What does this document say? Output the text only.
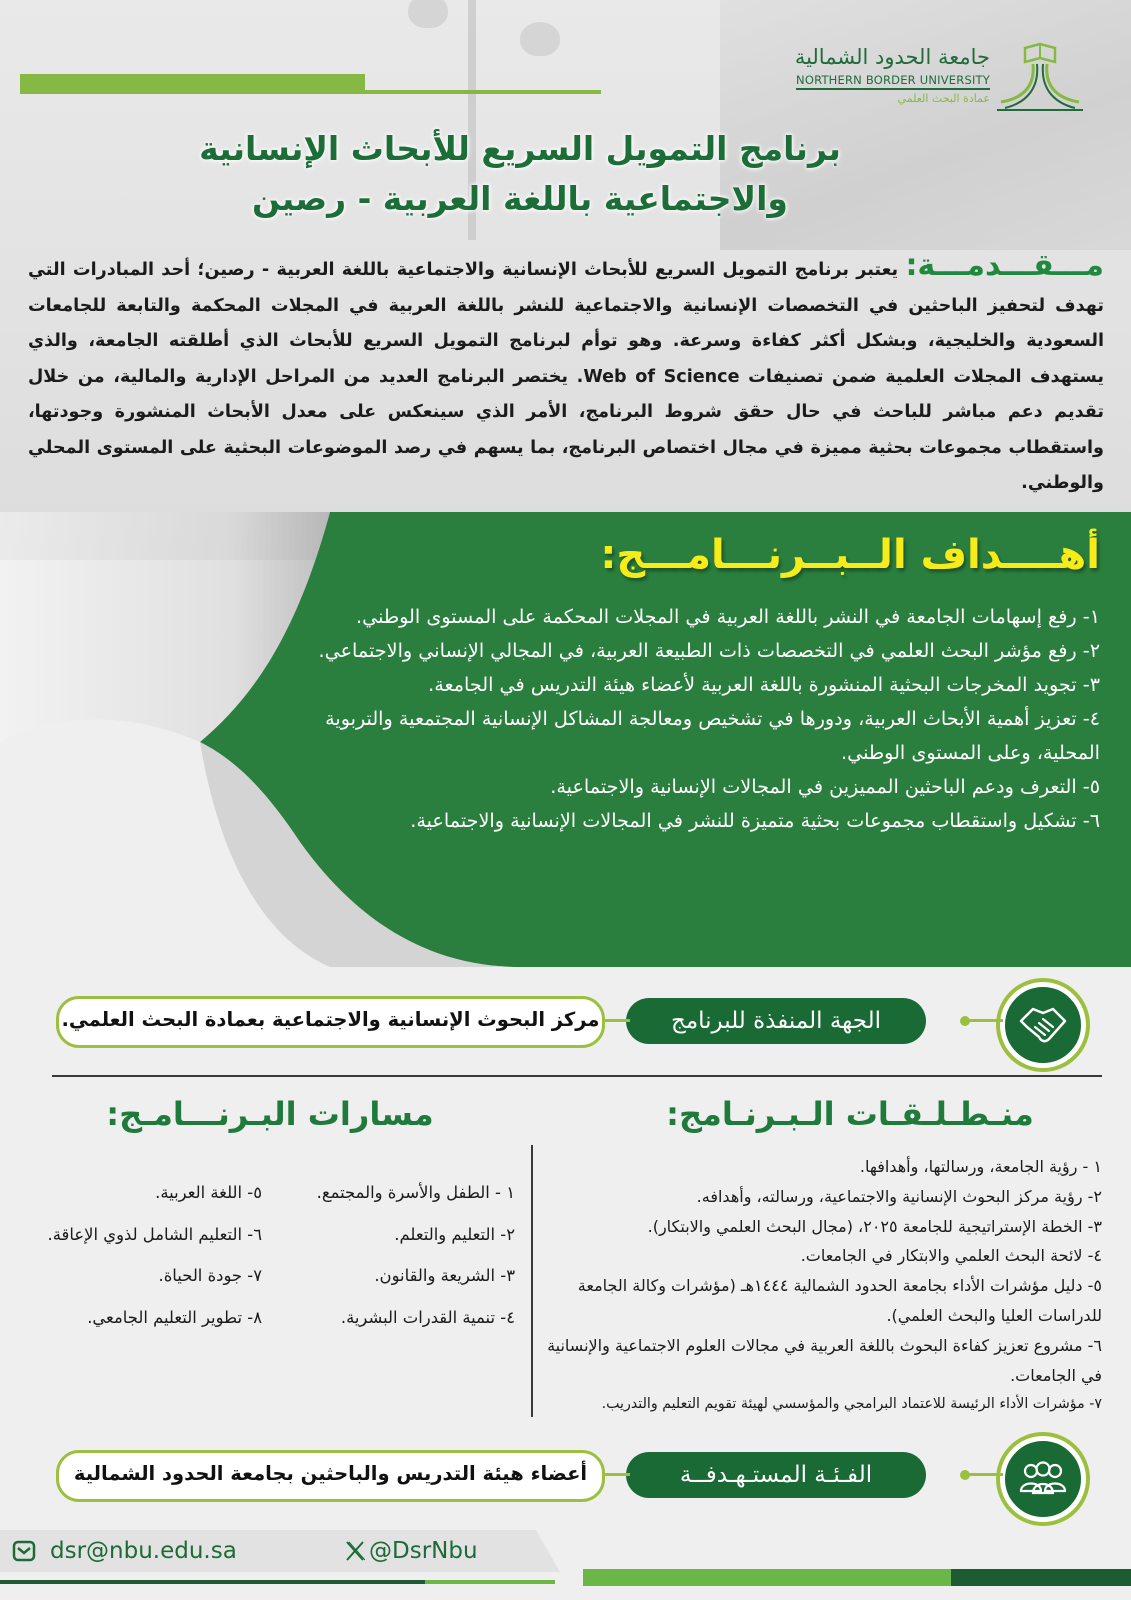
جامعة الحدود الشمالية
NORTHERN BORDER UNIVERSITY
عمادة البحث العلمي
برنامج التمويل السريع للأبحاث الإنسانية
والاجتماعية باللغة العربية - رصين
مـــقـــدمـــة: يعتبر برنامج التمويل السريع للأبحاث الإنسانية والاجتماعية باللغة العربية - رصين؛ أحد المبادرات التي تهدف لتحفيز الباحثين في التخصصات الإنسانية والاجتماعية للنشر باللغة العربية في المجلات المحكمة والتابعة للجامعات السعودية والخليجية، وبشكل أكثر كفاءة وسرعة. وهو توأم لبرنامج التمويل السريع للأبحاث الذي أطلقته الجامعة، والذي يستهدف المجلات العلمية ضمن تصنيفات Web of Science. يختصر البرنامج العديد من المراحل الإدارية والمالية، من خلال تقديم دعم مباشر للباحث في حال حقق شروط البرنامج، الأمر الذي سينعكس على معدل الأبحاث المنشورة وجودتها، واستقطاب مجموعات بحثية مميزة في مجال اختصاص البرنامج، بما يسهم في رصد الموضوعات البحثية على المستوى المحلي والوطني.
أهــــداف الــبــرنـــامـــج:
١- رفع إسهامات الجامعة في النشر باللغة العربية في المجلات المحكمة على المستوى الوطني.
٢- رفع مؤشر البحث العلمي في التخصصات ذات الطبيعة العربية، في المجالي الإنساني والاجتماعي.
٣- تجويد المخرجات البحثية المنشورة باللغة العربية لأعضاء هيئة التدريس في الجامعة.
٤- تعزيز أهمية الأبحاث العربية، ودورها في تشخيص ومعالجة المشاكل الإنسانية المجتمعية والتربوية المحلية، وعلى المستوى الوطني.
٥- التعرف ودعم الباحثين المميزين في المجالات الإنسانية والاجتماعية.
٦- تشكيل واستقطاب مجموعات بحثية متميزة للنشر في المجالات الإنسانية والاجتماعية.
الجهة المنفذة للبرنامج
مركز البحوث الإنسانية والاجتماعية بعمادة البحث العلمي.
منـطـلـقـات الـبـرنـامج:
١ - رؤية الجامعة، ورسالتها، وأهدافها.
٢- رؤية مركز البحوث الإنسانية والاجتماعية، ورسالته، وأهدافه.
٣- الخطة الإستراتيجية للجامعة ٢٠٢٥، (مجال البحث العلمي والابتكار).
٤- لائحة البحث العلمي والابتكار في الجامعات.
٥- دليل مؤشرات الأداء بجامعة الحدود الشمالية ١٤٤٤هـ (مؤشرات وكالة الجامعة للدراسات العليا والبحث العلمي).
٦- مشروع تعزيز كفاءة البحوث باللغة العربية في مجالات العلوم الاجتماعية والإنسانية في الجامعات.
٧- مؤشرات الأداء الرئيسة للاعتماد البرامجي والمؤسسي لهيئة تقويم التعليم والتدريب.
مسارات البـرنـــامـج:
١ - الطفل والأسرة والمجتمع.
٢- التعليم والتعلم.
٣- الشريعة والقانون.
٤- تنمية القدرات البشرية.
٥- اللغة العربية.
٦- التعليم الشامل لذوي الإعاقة.
٧- جودة الحياة.
٨- تطوير التعليم الجامعي.
الفـئـة المستـهـدفــة
أعضاء هيئة التدريس والباحثين بجامعة الحدود الشمالية
dsr@nbu.edu.sa	@DsrNbu
